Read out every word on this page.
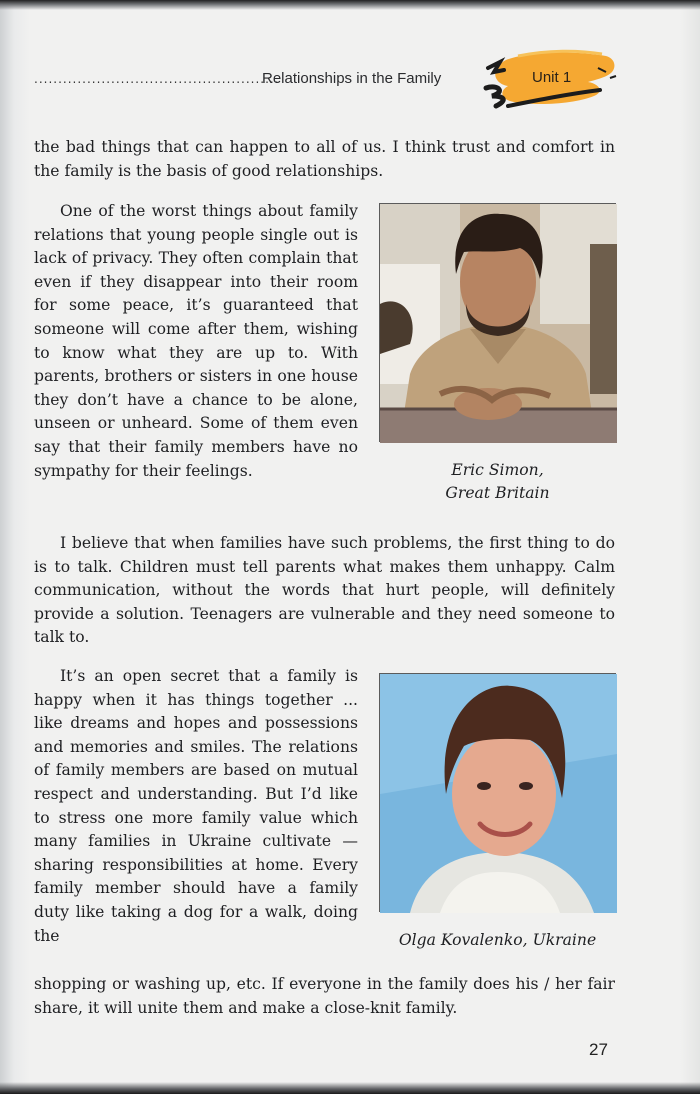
...................................................
Relationships in the Family	Unit 1
the bad things that can happen to all of us. I think trust and comfort in the family is the basis of good relationships.
One of the worst things about family relations that young people single out is lack of privacy. They often complain that even if they disappear into their room for some peace, it’s guaranteed that someone will come after them, wishing to know what they are up to. With parents, brothers or sisters in one house they don’t have a chance to be alone, unseen or unheard. Some of them even say that their family members have no sympathy for their feelings.
I believe that when families have such problems, the first thing to do is to talk. Children must tell parents what makes them unhappy. Calm communication, without the words that hurt people, will definitely provide a solution. Teenagers are vulnerable and they need someone to talk to.
It’s an open secret that a family is happy when it has things together ... like dreams and hopes and possessions and memories and smiles. The relations of family members are based on mutual respect and understanding. But I’d like to stress one more family value which many families in Ukraine cultivate — sharing responsibilities at home. Every family member should have a family duty like taking a dog for a walk, doing the
shopping or washing up, etc. If everyone in the family does his / her fair share, it will unite them and make a close-knit family.
Eric Simon,
Great Britain
Olga Kovalenko, Ukraine
27
